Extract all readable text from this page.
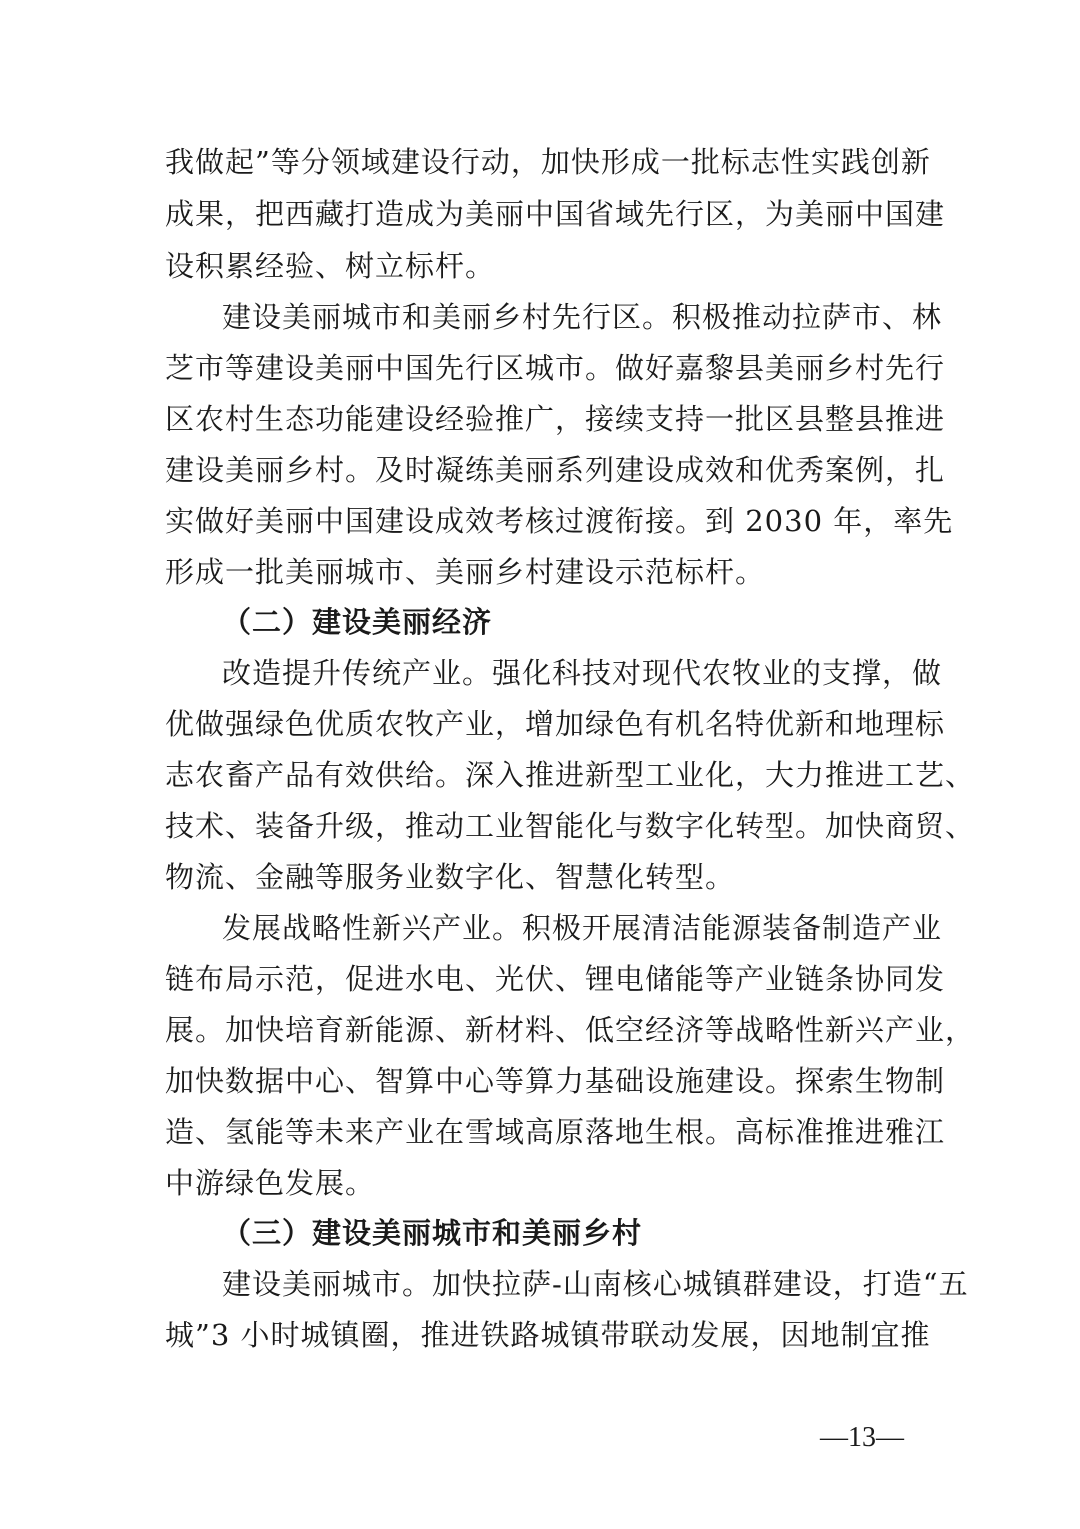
我做起”等分领域建设行动，加快形成一批标志性实践创新
成果，把西藏打造成为美丽中国省域先行区，为美丽中国建
设积累经验、树立标杆。
建设美丽城市和美丽乡村先行区。积极推动拉萨市、林
芝市等建设美丽中国先行区城市。做好嘉黎县美丽乡村先行
区农村生态功能建设经验推广，接续支持一批区县整县推进
建设美丽乡村。及时凝练美丽系列建设成效和优秀案例，扎
实做好美丽中国建设成效考核过渡衔接。到 2030 年，率先
形成一批美丽城市、美丽乡村建设示范标杆。
（二）建设美丽经济
改造提升传统产业。强化科技对现代农牧业的支撑，做
优做强绿色优质农牧产业，增加绿色有机名特优新和地理标
志农畜产品有效供给。深入推进新型工业化，大力推进工艺、
技术、装备升级，推动工业智能化与数字化转型。加快商贸、
物流、金融等服务业数字化、智慧化转型。
发展战略性新兴产业。积极开展清洁能源装备制造产业
链布局示范，促进水电、光伏、锂电储能等产业链条协同发
展。加快培育新能源、新材料、低空经济等战略性新兴产业，
加快数据中心、智算中心等算力基础设施建设。探索生物制
造、氢能等未来产业在雪域高原落地生根。高标准推进雅江
中游绿色发展。
（三）建设美丽城市和美丽乡村
建设美丽城市。加快拉萨-山南核心城镇群建设，打造“五
城”3 小时城镇圈，推进铁路城镇带联动发展，因地制宜推
—13—
